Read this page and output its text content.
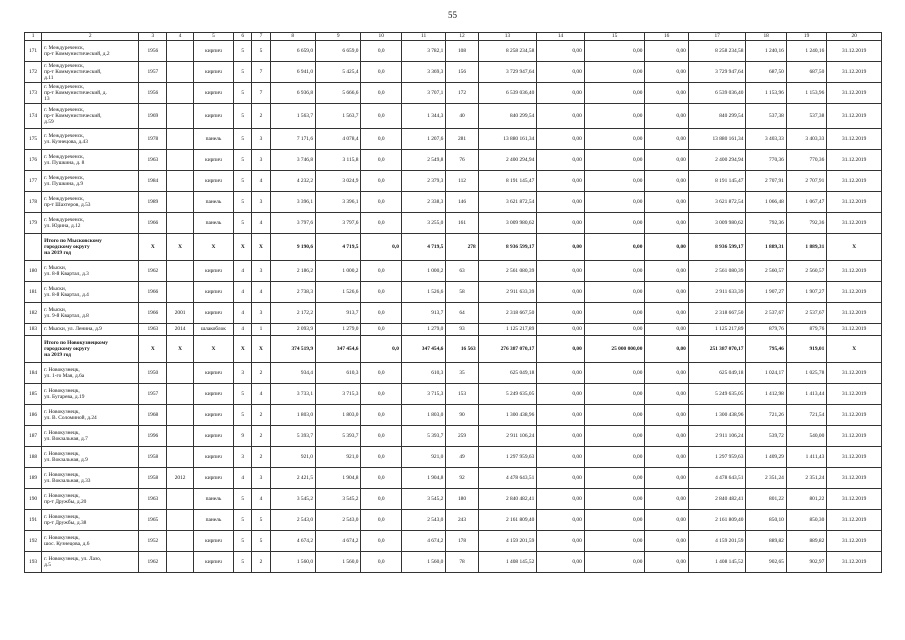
55
1	2	3	4	5	6	7	8	9	10	11	12	13	14	15	16	17	18	19	20
171	г. Междуреченск,
пр-т Коммунистический, д.2	1956		кирпич	5	5	6 659,0	6 659,0	0,0	3 782,1	108	8 258 234,58	0,00	0,00	0,00	8 258 234,58	1 240,16	1 240,16	31.12.2019
172	г. Междуреченск,
пр-т Коммунистический,
д.11	1957		кирпич	5	7	6 941,0	5 425,4	0,0	3 369,3	156	3 729 947,64	0,00	0,00	0,00	3 729 947,64	687,50	687,50	31.12.2019
173	г. Междуреченск,
пр-т Коммунистический, д.
13	1956		кирпич	5	7	6 936,8	5 666,6	0,0	3 707,1	172	6 539 036,40	0,00	0,00	0,00	6 539 036,40	1 153,96	1 153,96	31.12.2019
174	г. Междуреченск,
пр-т Коммунистический,
д.59	1969		кирпич	5	2	1 563,7	1 563,7	0,0	1 344,3	40	840 299,54	0,00	0,00	0,00	840 299,54	537,38	537,38	31.12.2019
175	г. Междуреченск,
ул. Кузнецова, д.43	1978		панель	5	3	7 171,6	4 078,4	0,0	1 207,6	281	13 880 161,34	0,00	0,00	0,00	13 880 161,34	3 403,33	3 403,33	31.12.2019
176	г. Междуреченск,
ул. Пушкина, д. 8	1963		кирпич	5	3	3 746,8	3 115,8	0,0	2 549,8	76	2 400 294,94	0,00	0,00	0,00	2 400 294,94	770,36	770,36	31.12.2019
177	г. Междуреченск,
ул. Пушкина, д.9	1984		кирпич	5	4	4 232,2	3 024,9	0,0	2 379,3	112	8 191 145,47	0,00	0,00	0,00	8 191 145,47	2 707,91	2 707,91	31.12.2019
178	г. Междуреченск,
пр-т Шахтеров, д.53	1989		панель	5	3	3 396,1	3 396,1	0,0	2 338,3	146	3 621 872,54	0,00	0,00	0,00	3 621 872,54	1 066,48	1 067,47	31.12.2019
179	г. Междуреченск,
ул. Юдина, д.12	1966		панель	5	4	3 797,6	3 797,6	0,0	3 255,0	161	3 009 980,62	0,00	0,00	0,00	3 009 980,62	792,36	792,36	31.12.2019
	Итого по Мысковскому
городскому округу
на 2019 год	X	X	X	X	X	9 190,6	4 719,5	0,0	4 719,5	278	8 936 599,17	0,00	0,00	0,00	8 936 599,17	1 889,31	1 889,31	X
180	г. Мыски,
ул. 8-й Квартал, д.3	1962		кирпич	4	3	2 186,2	1 000,2	0,0	1 000,2	63	2 561 080,39	0,00	0,00	0,00	2 561 080,39	2 560,57	2 560,57	31.12.2019
181	г. Мыски,
ул. 8-й Квартал, д.4	1966		кирпич	4	4	2 738,3	1 526,6	0,0	1 526,6	58	2 911 633,39	0,00	0,00	0,00	2 911 633,39	1 907,27	1 907,27	31.12.2019
182	г. Мыски,
ул. 9-й Квартал, д.8	1966	2001	кирпич	4	3	2 172,2	913,7	0,0	913,7	64	2 318 667,50	0,00	0,00	0,00	2 318 667,50	2 537,67	2 537,67	31.12.2019
183	г. Мыски, ул. Ленина, д.9	1963	2014	шлакоблок	4	1	2 093,9	1 279,0	0,0	1 279,0	93	1 125 217,89	0,00	0,00	0,00	1 125 217,89	879,76	879,76	31.12.2019
	Итого по Новокузнецкому
городскому округу
на 2019 год	X	X	X	X	X	374 519,9	347 454,6	0,0	347 454,6	16 563	276 387 070,17	0,00	25 000 000,00	0,00	251 387 070,17	795,46	919,01	X
184	г. Новокузнецк,
ул. 1-го Мая, д.6а	1950		кирпич	3	2	934,4	610,3	0,0	610,3	35	625 049,18	0,00	0,00	0,00	625 049,18	1 024,17	1 025,78	31.12.2019
185	г. Новокузнецк,
ул. Бугарева, д.19	1957		кирпич	5	4	3 733,1	3 715,3	0,0	3 715,3	153	5 249 635,05	0,00	0,00	0,00	5 249 635,05	1 412,98	1 413,44	31.12.2019
186	г. Новокузнецк,
ул. В. Соломиной, д.24	1968		кирпич	5	2	1 803,0	1 803,0	0,0	1 803,0	90	1 300 438,96	0,00	0,00	0,00	1 300 438,96	721,26	721,54	31.12.2019
187	г. Новокузнецк,
ул. Вокзальная, д.7	1996		кирпич	9	2	5 393,7	5 393,7	0,0	5 393,7	259	2 911 106,24	0,00	0,00	0,00	2 911 106,24	539,72	540,00	31.12.2019
188	г. Новокузнецк,
ул. Вокзальная, д.9	1958		кирпич	3	2	921,0	921,0	0,0	921,0	49	1 297 959,63	0,00	0,00	0,00	1 297 959,63	1 409,29	1 411,43	31.12.2019
189	г. Новокузнецк,
ул. Вокзальная, д.33	1958	2012	кирпич	4	3	2 421,5	1 904,8	0,0	1 904,8	92	4 478 643,51	0,00	0,00	0,00	4 478 643,51	2 351,24	2 351,24	31.12.2019
190	г. Новокузнецк,
пр-т Дружбы, д.20	1963		панель	5	4	3 545,2	3 545,2	0,0	3 545,2	180	2 840 482,41	0,00	0,00	0,00	2 840 482,41	801,22	801,22	31.12.2019
191	г. Новокузнецк,
пр-т Дружбы, д.38	1965		панель	5	5	2 543,0	2 543,0	0,0	2 543,0	243	2 161 809,40	0,00	0,00	0,00	2 161 809,40	850,10	850,30	31.12.2019
192	г. Новокузнецк,
шос. Кузнецова, д.6	1952		кирпич	5	5	4 674,2	4 674,2	0,0	4 674,2	178	4 159 201,59	0,00	0,00	0,00	4 159 201,59	889,82	889,82	31.12.2019
193	г. Новокузнецк, ул. Лазо,
д.5	1962		кирпич	5	2	1 560,0	1 560,0	0,0	1 560,0	78	1 408 145,52	0,00	0,00	0,00	1 408 145,52	902,65	902,97	31.12.2019
